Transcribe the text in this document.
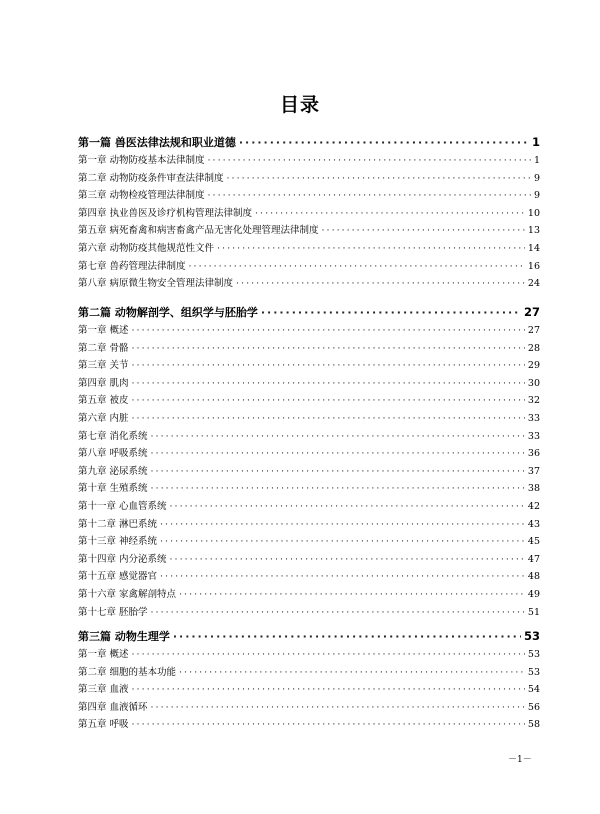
目录
第一篇 兽医法律法规和职业道德 ·····	1
第一章 动物防疫基本法律制度 ·····	1
第二章 动物防疫条件审查法律制度 ·····	9
第三章 动物检疫管理法律制度 ·····	9
第四章 执业兽医及诊疗机构管理法律制度 ·····	10
第五章 病死畜禽和病害畜禽产品无害化处理管理法律制度 ·····	13
第六章 动物防疫其他规范性文件 ·····	14
第七章 兽药管理法律制度 ·····	16
第八章 病原微生物安全管理法律制度 ·····	24
第二篇 动物解剖学、组织学与胚胎学 ·····	27
第一章 概述 ·····	27
第二章 骨骼 ·····	28
第三章 关节 ·····	29
第四章 肌肉 ·····	30
第五章 被皮 ·····	32
第六章 内脏 ·····	33
第七章 消化系统 ·····	33
第八章 呼吸系统 ·····	36
第九章 泌尿系统 ·····	37
第十章 生殖系统 ·····	38
第十一章 心血管系统 ·····	42
第十二章 淋巴系统 ·····	43
第十三章 神经系统 ·····	45
第十四章 内分泌系统 ·····	47
第十五章 感觉器官 ·····	48
第十六章 家禽解剖特点 ·····	49
第十七章 胚胎学 ·····	51
第三篇 动物生理学 ·····	53
第一章 概述 ·····	53
第二章 细胞的基本功能 ·····	53
第三章 血液 ·····	54
第四章 血液循环 ·····	56
第五章 呼吸 ·····	58
－1－
